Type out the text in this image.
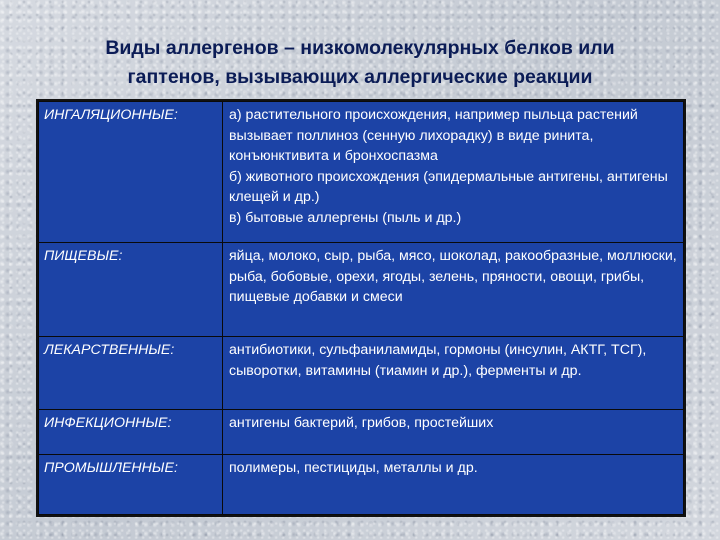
Виды аллергенов – низкомолекулярных белков или
гаптенов, вызывающих аллергические реакции
ИНГАЛЯЦИОННЫЕ:	а) растительного происхождения, например пыльца растений вызывает поллиноз (сенную лихорадку) в виде ринита, конъюнктивита и бронхоспазма

б) животного происхождения (эпидермальные антигены, антигены клещей и др.)

в) бытовые аллергены (пыль и др.)

ПИЩЕВЫЕ:	яйца, молоко, сыр, рыба, мясо, шоколад, ракообразные, моллюски, рыба, бобовые, орехи, ягоды, зелень, пряности, овощи, грибы, пищевые добавки и смеси

ЛЕКАРСТВЕННЫЕ:	антибиотики, сульфаниламиды, гормоны (инсулин, АКТГ, ТСГ), сыворотки, витамины (тиамин и др.), ферменты и др.

ИНФЕКЦИОННЫЕ:	антигены бактерий, грибов, простейших

ПРОМЫШЛЕННЫЕ:	полимеры, пестициды, металлы и др.
